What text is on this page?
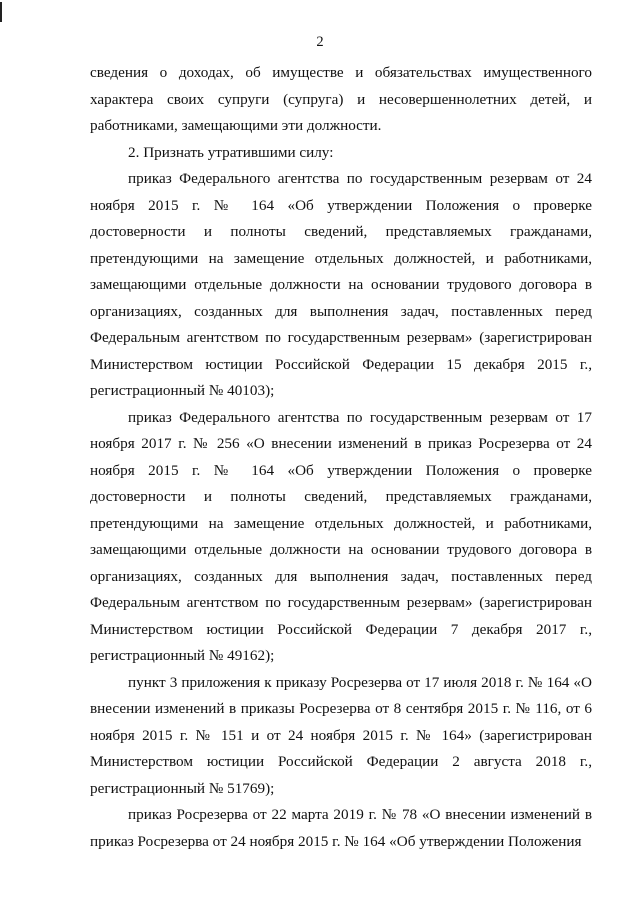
2

сведения о доходах, об имуществе и обязательствах имущественного характера своих супруги (супруга) и несовершеннолетних детей, и работниками, замещающими эти должности.

2. Признать утратившими силу:

приказ Федерального агентства по государственным резервам от 24 ноября 2015 г. № 164 «Об утверждении Положения о проверке достоверности и полноты сведений, представляемых гражданами, претендующими на замещение отдельных должностей, и работниками, замещающими отдельные должности на основании трудового договора в организациях, созданных для выполнения задач, поставленных перед Федеральным агентством по государственным резервам» (зарегистрирован Министерством юстиции Российской Федерации 15 декабря 2015 г., регистрационный № 40103);

приказ Федерального агентства по государственным резервам от 17 ноября 2017 г. № 256 «О внесении изменений в приказ Росрезерва от 24 ноября 2015 г. № 164 «Об утверждении Положения о проверке достоверности и полноты сведений, представляемых гражданами, претендующими на замещение отдельных должностей, и работниками, замещающими отдельные должности на основании трудового договора в организациях, созданных для выполнения задач, поставленных перед Федеральным агентством по государственным резервам» (зарегистрирован Министерством юстиции Российской Федерации 7 декабря 2017 г., регистрационный № 49162);

пункт 3 приложения к приказу Росрезерва от 17 июля 2018 г. № 164 «О внесении изменений в приказы Росрезерва от 8 сентября 2015 г. № 116, от 6 ноября 2015 г. № 151 и от 24 ноября 2015 г. № 164» (зарегистрирован Министерством юстиции Российской Федерации 2 августа 2018 г., регистрационный № 51769);

приказ Росрезерва от 22 марта 2019 г. № 78 «О внесении изменений в приказ Росрезерва от 24 ноября 2015 г. № 164 «Об утверждении Положения
